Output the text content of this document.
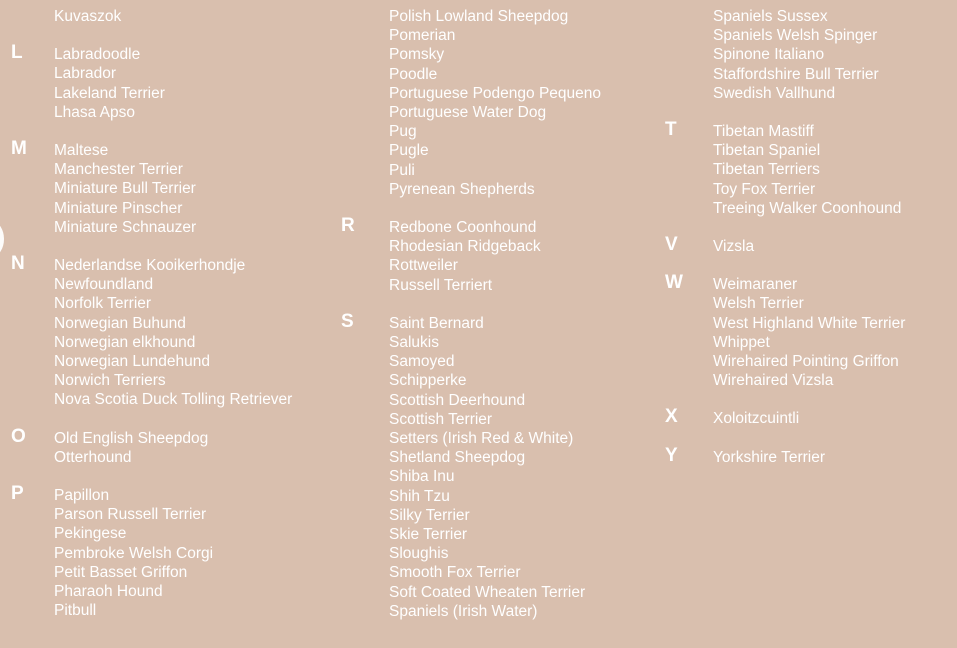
Kuvaszok
L Labradoodle
Labrador
Lakeland Terrier
Lhasa Apso
M Maltese
Manchester Terrier
Miniature Bull Terrier
Miniature Pinscher
Miniature Schnauzer
N Nederlandse Kooikerhondje
Newfoundland
Norfolk Terrier
Norwegian Buhund
Norwegian elkhound
Norwegian Lundehund
Norwich Terriers
Nova Scotia Duck Tolling Retriever
O Old English Sheepdog
Otterhound
P Papillon
Parson Russell Terrier
Pekingese
Pembroke Welsh Corgi
Petit Basset Griffon
Pharaoh Hound
Pitbull
Polish Lowland Sheepdog
Pomerian
Pomsky
Poodle
Portuguese Podengo Pequeno
Portuguese Water Dog
Pug
Pugle
Puli
Pyrenean Shepherds
R Redbone Coonhound
Rhodesian Ridgeback
Rottweiler
Russell Terriert
S Saint Bernard
Salukis
Samoyed
Schipperke
Scottish Deerhound
Scottish Terrier
Setters (Irish Red & White)
Shetland Sheepdog
Shiba Inu
Shih Tzu
Silky Terrier
Skie Terrier
Sloughis
Smooth Fox Terrier
Soft Coated Wheaten Terrier
Spaniels (Irish Water)
Spaniels Sussex
Spaniels Welsh Spinger
Spinone Italiano
Staffordshire Bull Terrier
Swedish Vallhund
T Tibetan Mastiff
Tibetan Spaniel
Tibetan Terriers
Toy Fox Terrier
Treeing Walker Coonhound
V Vizsla
W Weimaraner
Welsh Terrier
West Highland White Terrier
Whippet
Wirehaired Pointing Griffon
Wirehaired Vizsla
X Xoloitzcuintli
Y Yorkshire Terrier
